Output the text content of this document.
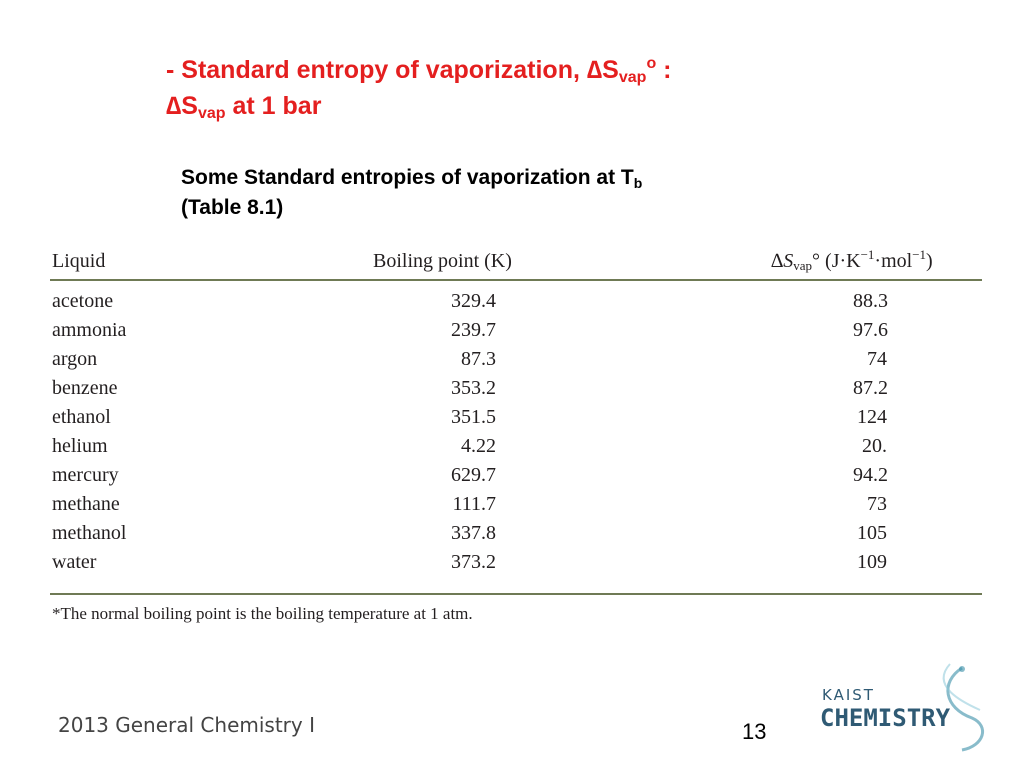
- Standard entropy of vaporization, $\Delta S_{vap}^o$ :
$\Delta S_{vap}$ at 1 bar
Some Standard entropies of vaporization at $T_b$
(Table 8.1)
Liquid	Boiling point (K)	$\Delta S_{vap}^\circ$ $(J\cdot K^{-1}\cdot mol^{-1})$
acetone	329.4	88.3
ammonia	239.7	97.6
argon	87.3	74
benzene	353.2	87.2
ethanol	351.5	124
helium	4.22	20.
mercury	629.7	94.2
methane	111.7	73
methanol	337.8	105
water	373.2	109
*The normal boiling point is the boiling temperature at 1 atm.
2013 General Chemistry I	13
KAIST
CHEMISTRY
